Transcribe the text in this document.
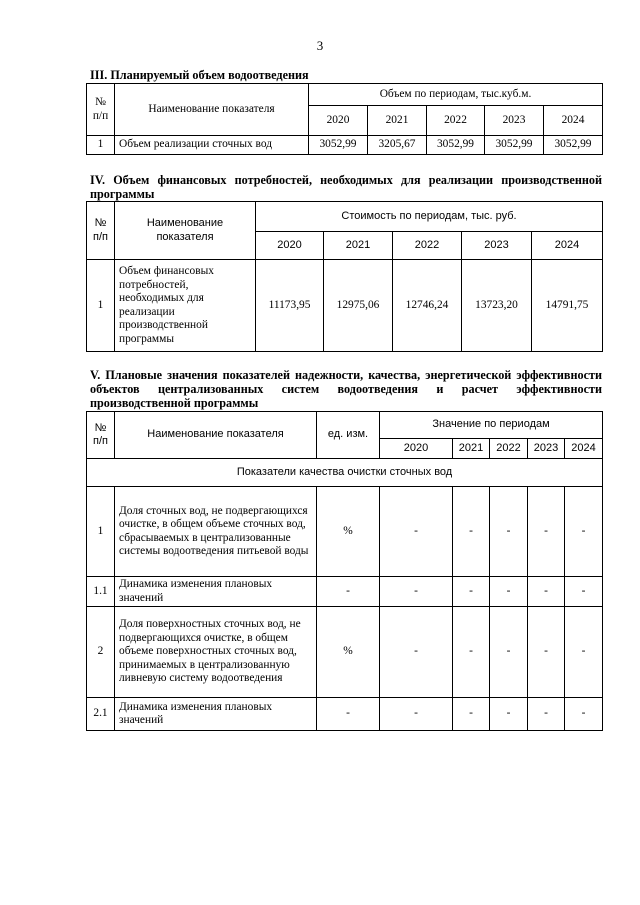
3
III. Планируемый объем водоотведения
№ п/п	Наименование показателя	Объем по периодам, тыс.куб.м.				
		2020	2021	2022	2023	2024
1	Объем реализации сточных вод	3052,99	3205,67	3052,99	3052,99	3052,99
IV. Объем финансовых потребностей, необходимых для реализации производственной программы
№ п/п	Наименование показателя	Стоимость по периодам, тыс. руб.				
		2020	2021	2022	2023	2024
1	Объем финансовых потребностей, необходимых для реализации производственной программы	11173,95	12975,06	12746,24	13723,20	14791,75
V. Плановые значения показателей надежности, качества, энергетической эффективности объектов централизованных систем водоотведения и расчет эффективности производственной программы
№ п/п	Наименование показателя	ед. изм.	Значение по периодам				
			2020	2021	2022	2023	2024
Показатели качества очистки сточных вод							
1	Доля сточных вод, не подвергающихся очистке, в общем объеме сточных вод, сбрасываемых в централизованные системы водоотведения питьевой воды	%	-	-	-	-	-
1.1	Динамика изменения плановых значений	-	-	-	-	-	-
2	Доля поверхностных сточных вод, не подвергающихся очистке, в общем объеме поверхностных сточных вод, принимаемых в централизованную ливневую систему водоотведения	%	-	-	-	-	-
2.1	Динамика изменения плановых значений	-	-	-	-	-	-
